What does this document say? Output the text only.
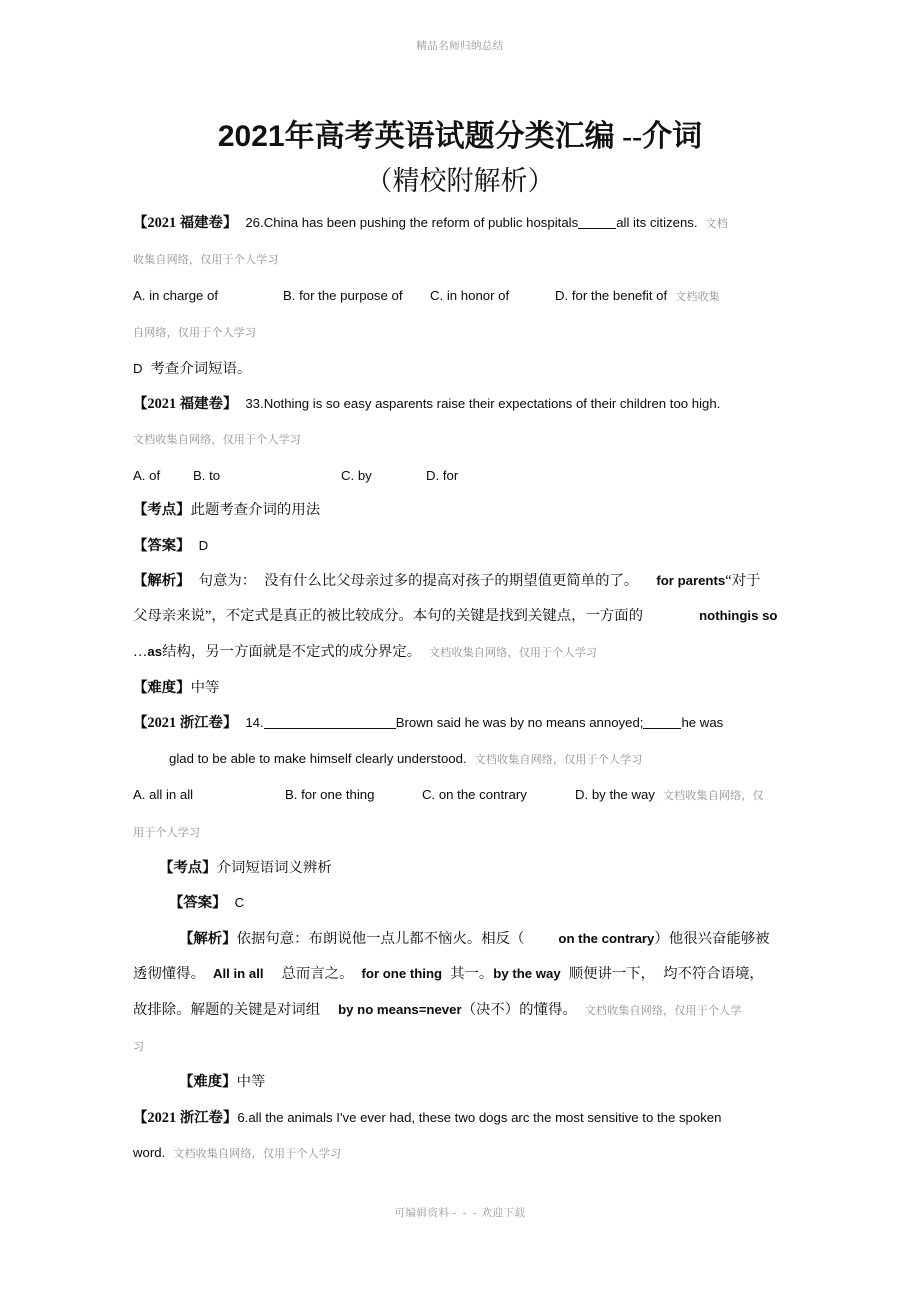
精品名师归纳总结
2021年高考英语试题分类汇编 --介词
（精校附解析）
【2021 福建卷】 26.China has been pushing the reform of public hospitals	all its citizens. 文档
收集自网络，仅用于个人学习
A. in charge of	B. for the purpose of C. in honor of	D. for the benefit of 文档收集
自网络，仅用于个人学习
D 考查介词短语。
【2021 福建卷】 33.Nothing is so easy asparents raise their expectations of their children too high.
文档收集自网络，仅用于个人学习
A. of B. to	C. by	D. for
【考点】此题考查介词的用法
【答案】 D
【解析】 句意为： 没有什么比父母亲过多的提高对孩子的期望值更简单的了。 for parents“对于
父母亲来说”，不定式是真正的被比较成分。本句的关键是找到关键点，一方面的	nothingis so
…as结构，另一方面就是不定式的成分界定。 文档收集自网络，仅用于个人学习
【难度】中等
【2021 浙江卷】 14.	Brown said he was by no means annoyed;	he was
glad to be able to make himself clearly understood. 文档收集自网络，仅用于个人学习
A. all in all	B. for one thing	C. on the contrary	D. by the way 文档收集自网络，仅
用于个人学习
【考点】介词短语词义辨析
【答案】 C
【解析】依据句意：布朗说他一点儿都不恼火。相反（	on the contrary）他很兴奋能够被
透彻懂得。 All in all 总而言之。 for one thing 其一。by the way 顺便讲一下， 均不符合语境，
故排除。解题的关键是对词组 by no means=never（决不）的懂得。 文档收集自网络，仅用于个人学
习
【难度】中等
【2021 浙江卷】6.all the animals I've ever had, these two dogs arc the most sensitive to the spoken
word. 文档收集自网络，仅用于个人学习
可编辑资料 - - - 欢迎下载
